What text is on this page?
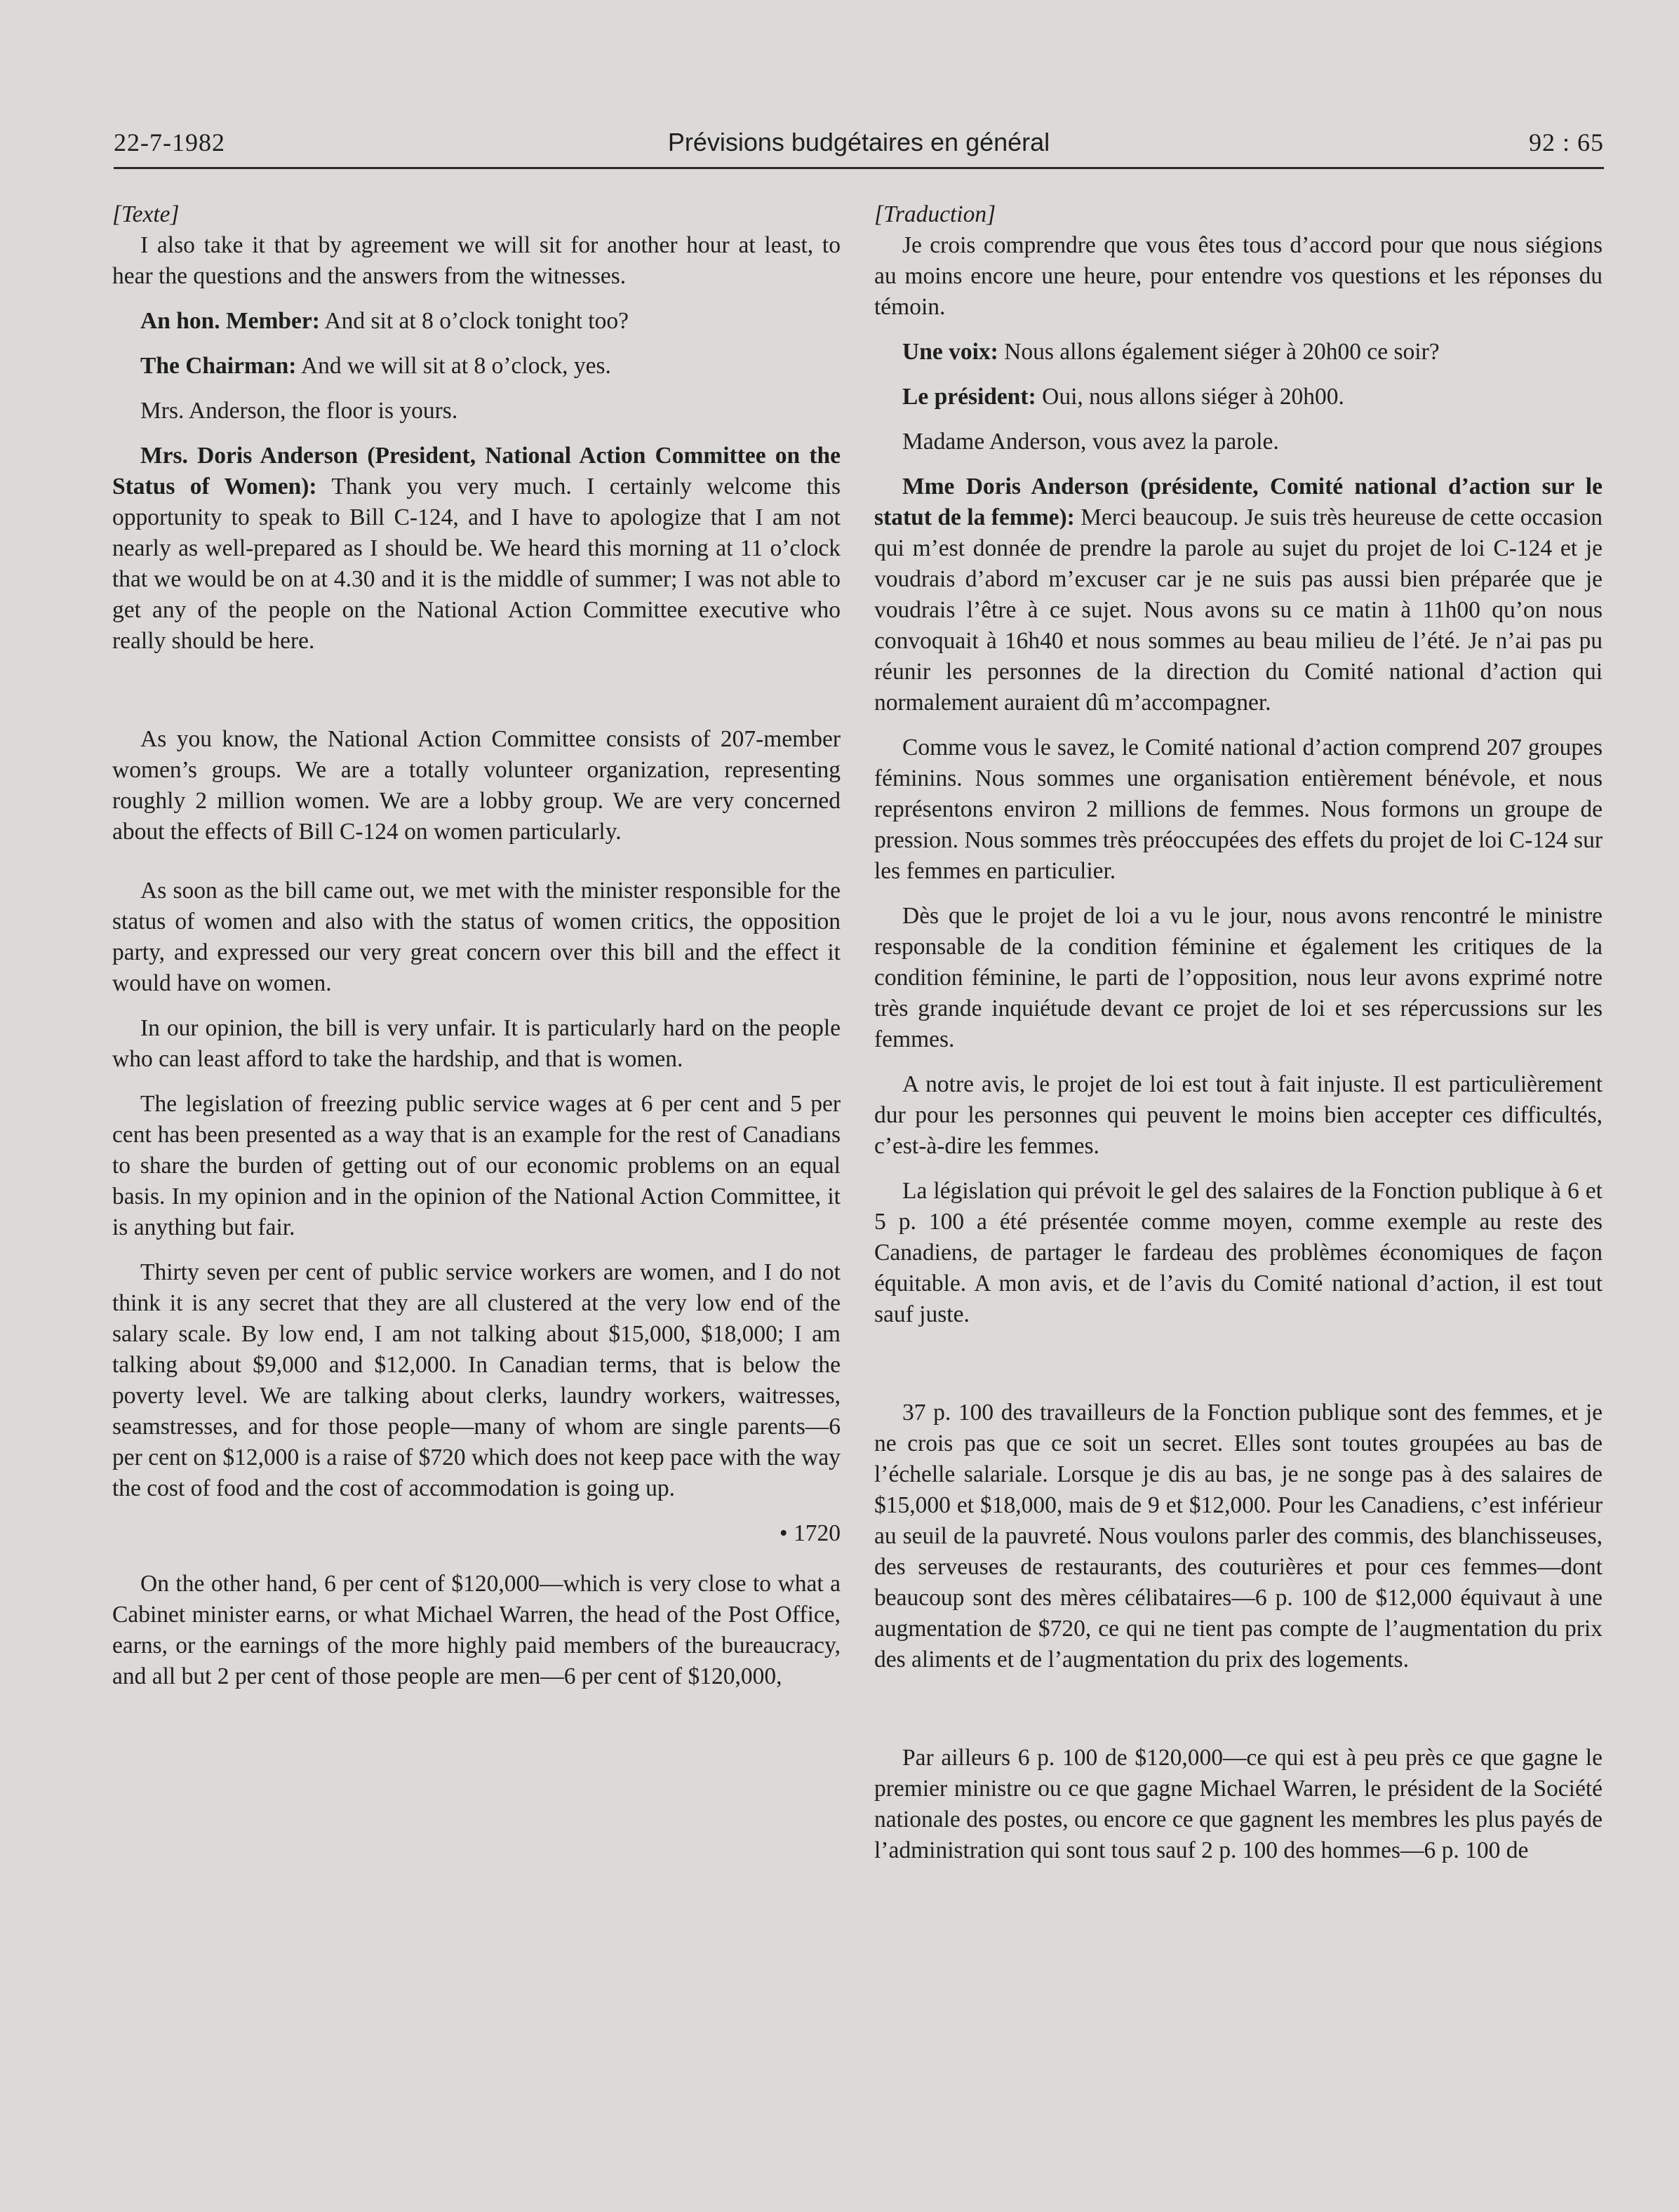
22-7-1982	Prévisions budgétaires en général	92 : 65

[Texte]

I also take it that by agreement we will sit for another hour at least, to hear the questions and the answers from the witnesses.

An hon. Member: And sit at 8 o’clock tonight too?

The Chairman: And we will sit at 8 o’clock, yes.

Mrs. Anderson, the floor is yours.

Mrs. Doris Anderson (President, National Action Committee on the Status of Women): Thank you very much. I certainly welcome this opportunity to speak to Bill C-124, and I have to apologize that I am not nearly as well-prepared as I should be. We heard this morning at 11 o’clock that we would be on at 4.30 and it is the middle of summer; I was not able to get any of the people on the National Action Committee executive who really should be here.

As you know, the National Action Committee consists of 207-member women’s groups. We are a totally volunteer organization, representing roughly 2 million women. We are a lobby group. We are very concerned about the effects of Bill C-124 on women particularly.

As soon as the bill came out, we met with the minister responsible for the status of women and also with the status of women critics, the opposition party, and expressed our very great concern over this bill and the effect it would have on women.

In our opinion, the bill is very unfair. It is particularly hard on the people who can least afford to take the hardship, and that is women.

The legislation of freezing public service wages at 6 per cent and 5 per cent has been presented as a way that is an example for the rest of Canadians to share the burden of getting out of our economic problems on an equal basis. In my opinion and in the opinion of the National Action Committee, it is anything but fair.

Thirty seven per cent of public service workers are women, and I do not think it is any secret that they are all clustered at the very low end of the salary scale. By low end, I am not talking about $15,000, $18,000; I am talking about $9,000 and $12,000. In Canadian terms, that is below the poverty level. We are talking about clerks, laundry workers, waitresses, seamstresses, and for those people—many of whom are single parents—6 per cent on $12,000 is a raise of $720 which does not keep pace with the way the cost of food and the cost of accommodation is going up.

• 1720

On the other hand, 6 per cent of $120,000—which is very close to what a Cabinet minister earns, or what Michael Warren, the head of the Post Office, earns, or the earnings of the more highly paid members of the bureaucracy, and all but 2 per cent of those people are men—6 per cent of $120,000,

[Traduction]

Je crois comprendre que vous êtes tous d’accord pour que nous siégions au moins encore une heure, pour entendre vos questions et les réponses du témoin.

Une voix: Nous allons également siéger à 20h00 ce soir?

Le président: Oui, nous allons siéger à 20h00.

Madame Anderson, vous avez la parole.

Mme Doris Anderson (présidente, Comité national d’action sur le statut de la femme): Merci beaucoup. Je suis très heureuse de cette occasion qui m’est donnée de prendre la parole au sujet du projet de loi C-124 et je voudrais d’abord m’excuser car je ne suis pas aussi bien préparée que je voudrais l’être à ce sujet. Nous avons su ce matin à 11h00 qu’on nous convoquait à 16h40 et nous sommes au beau milieu de l’été. Je n’ai pas pu réunir les personnes de la direction du Comité national d’action qui normalement auraient dû m’accompagner.

Comme vous le savez, le Comité national d’action comprend 207 groupes féminins. Nous sommes une organisation entièrement bénévole, et nous représentons environ 2 millions de femmes. Nous formons un groupe de pression. Nous sommes très préoccupées des effets du projet de loi C-124 sur les femmes en particulier.

Dès que le projet de loi a vu le jour, nous avons rencontré le ministre responsable de la condition féminine et également les critiques de la condition féminine, le parti de l’opposition, nous leur avons exprimé notre très grande inquiétude devant ce projet de loi et ses répercussions sur les femmes.

A notre avis, le projet de loi est tout à fait injuste. Il est particulièrement dur pour les personnes qui peuvent le moins bien accepter ces difficultés, c’est-à-dire les femmes.

La législation qui prévoit le gel des salaires de la Fonction publique à 6 et 5 p. 100 a été présentée comme moyen, comme exemple au reste des Canadiens, de partager le fardeau des problèmes économiques de façon équitable. A mon avis, et de l’avis du Comité national d’action, il est tout sauf juste.

37 p. 100 des travailleurs de la Fonction publique sont des femmes, et je ne crois pas que ce soit un secret. Elles sont toutes groupées au bas de l’échelle salariale. Lorsque je dis au bas, je ne songe pas à des salaires de $15,000 et $18,000, mais de 9 et $12,000. Pour les Canadiens, c’est inférieur au seuil de la pauvreté. Nous voulons parler des commis, des blanchisseuses, des serveuses de restaurants, des couturières et pour ces femmes—dont beaucoup sont des mères célibataires—6 p. 100 de $12,000 équivaut à une augmentation de $720, ce qui ne tient pas compte de l’augmentation du prix des aliments et de l’augmentation du prix des logements.

Par ailleurs 6 p. 100 de $120,000—ce qui est à peu près ce que gagne le premier ministre ou ce que gagne Michael Warren, le président de la Société nationale des postes, ou encore ce que gagnent les membres les plus payés de l’administration qui sont tous sauf 2 p. 100 des hommes—6 p. 100 de
